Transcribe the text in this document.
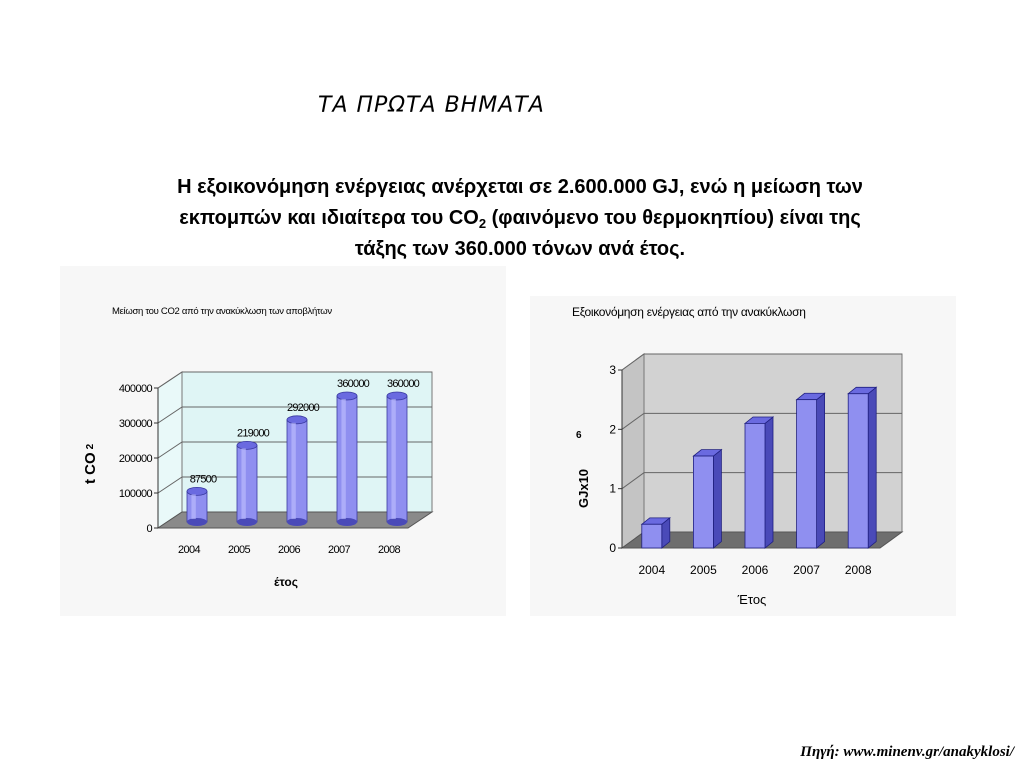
ΤΑ ΠΡΩΤΑ ΒΗΜΑΤΑ
Η εξοικονόμηση ενέργειας ανέρχεται σε 2.600.000 GJ, ενώ η μείωση των
εκπομπών και ιδιαίτερα του $CO_2$ (φαινόμενο του θερμοκηπίου) είναι της
τάξης των 360.000 τόνων ανά έτος.
Μείωση του CO2 από την ανακύκλωση των αποβλήτων
87500
219000
292000
360000 360000
0
100000
200000
300000
400000
2004	2005	2006	2007	2008
t CO2
έτος
Εξοικονόμηση ενέργειας από την ανακύκλωση
0
1
2
3
2004 2005 2006 2007 2008
GJx10
6
Έτος
Πηγή: www.minenv.gr/anakyklosi/
